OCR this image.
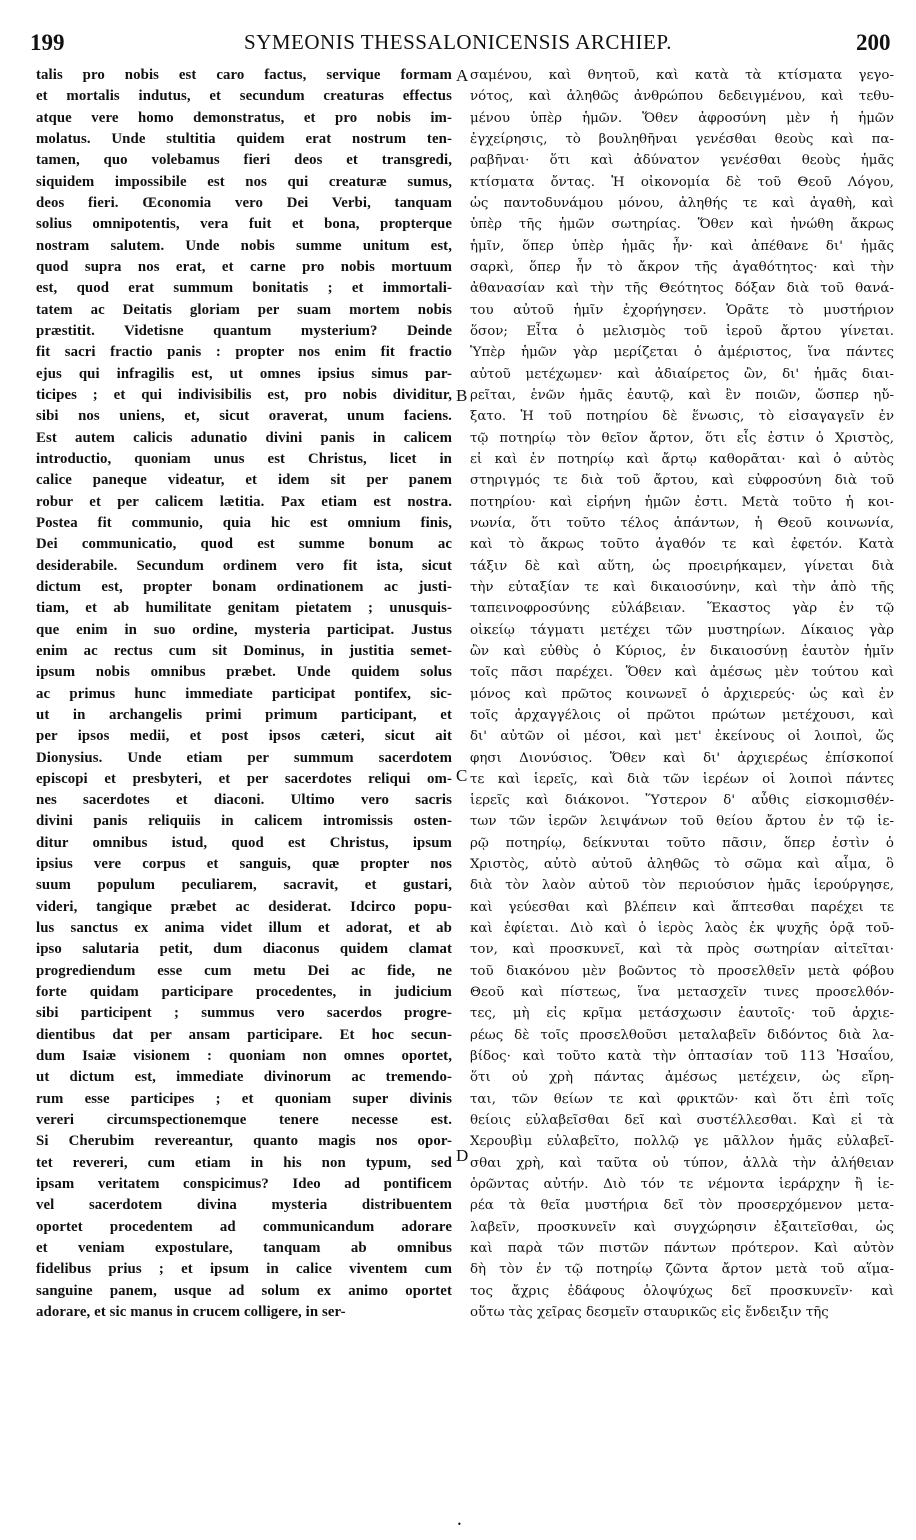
199	SYMEONIS THESSALONICENSIS ARCHIEP.	200
talis pro nobis est caro factus, servique formam
et mortalis indutus, et secundum creaturas effectus
atque vere homo demonstratus, et pro nobis im-
molatus. Unde stultitia quidem erat nostrum ten-
tamen, quo volebamus fieri deos et transgredi,
siquidem impossibile est nos qui creaturæ sumus,
deos fieri. Œconomia vero Dei Verbi, tanquam
solius omnipotentis, vera fuit et bona, propterque
nostram salutem. Unde nobis summe unitum est,
quod supra nos erat, et carne pro nobis mortuum
est, quod erat summum bonitatis ; et immortali-
tatem ac Deitatis gloriam per suam mortem nobis
præstitit. Videtisne quantum mysterium? Deinde
fit sacri fractio panis : propter nos enim fit fractio
ejus qui infragilis est, ut omnes ipsius simus par-
ticipes ; et qui indivisibilis est, pro nobis dividitur,
sibi nos uniens, et, sicut oraverat, unum faciens.
Est autem calicis adunatio divini panis in calicem
introductio, quoniam unus est Christus, licet in
calice paneque videatur, et idem sit per panem
robur et per calicem lætitia. Pax etiam est nostra.
Postea fit communio, quia hic est omnium finis,
Dei communicatio, quod est summe bonum ac
desiderabile. Secundum ordinem vero fit ista, sicut
dictum est, propter bonam ordinationem ac justi-
tiam, et ab humilitate genitam pietatem ; unusquis-
que enim in suo ordine, mysteria participat. Justus
enim ac rectus cum sit Dominus, in justitia semet-
ipsum nobis omnibus præbet. Unde quidem solus
ac primus hunc immediate participat pontifex, sic-
ut in archangelis primi primum participant, et
per ipsos medii, et post ipsos cæteri, sicut ait
Dionysius. Unde etiam per summum sacerdotem
episcopi et presbyteri, et per sacerdotes reliqui om-
nes sacerdotes et diaconi. Ultimo vero sacris
divini panis reliquiis in calicem intromissis osten-
ditur omnibus istud, quod est Christus, ipsum
ipsius vere corpus et sanguis, quæ propter nos
suum populum peculiarem, sacravit, et gustari,
videri, tangique præbet ac desiderat. Idcirco popu-
lus sanctus ex anima videt illum et adorat, et ab
ipso salutaria petit, dum diaconus quidem clamat
progrediendum esse cum metu Dei ac fide, ne
forte quidam participare procedentes, in judicium
sibi participent ; summus vero sacerdos progre-
dientibus dat per ansam participare. Et hoc secun-
dum Isaiæ visionem : quoniam non omnes oportet,
ut dictum est, immediate divinorum ac tremendo-
rum esse participes ; et quoniam super divinis
vereri circumspectionemque tenere necesse est.
Si Cherubim revereantur, quanto magis nos opor-
tet revereri, cum etiam in his non typum, sed
ipsam veritatem conspicimus? Ideo ad pontificem
vel sacerdotem divina mysteria distribuentem
oportet procedentem ad communicandum adorare
et veniam expostulare, tanquam ab omnibus
fidelibus prius ; et ipsum in calice viventem cum
sanguine panem, usque ad solum ex animo oportet
adorare, et sic manus in crucem colligere, in ser-
σαμένου, καὶ θνητοῦ, καὶ κατὰ τὰ κτίσματα γεγο-
νότος, καὶ ἀληθῶς ἀνθρώπου δεδειγμένου, καὶ τεθυ-
μένου ὑπὲρ ἡμῶν. Ὅθεν ἀφροσύνη μὲν ἡ ἡμῶν
ἐγχείρησις, τὸ βουληθῆναι γενέσθαι θεοὺς καὶ πα-
ραβῆναι· ὅτι καὶ ἀδύνατον γενέσθαι θεοὺς ἡμᾶς
κτίσματα ὄντας. Ἡ οἰκονομία δὲ τοῦ Θεοῦ Λόγου,
ὡς παντοδυνάμου μόνου, ἀληθής τε καὶ ἀγαθὴ, καὶ
ὑπὲρ τῆς ἡμῶν σωτηρίας. Ὅθεν καὶ ἡνώθη ἄκρως
ἡμῖν, ὅπερ ὑπὲρ ἡμᾶς ἦν· καὶ ἀπέθανε δι' ἡμᾶς
σαρκὶ, ὅπερ ἦν τὸ ἄκρον τῆς ἀγαθότητος· καὶ τὴν
ἀθανασίαν καὶ τὴν τῆς Θεότητος δόξαν διὰ τοῦ θανά-
του αὐτοῦ ἡμῖν ἐχορήγησεν. Ὁρᾶτε τὸ μυστήριον
ὅσον; Εἶτα ὁ μελισμὸς τοῦ ἱεροῦ ἄρτου γίνεται.
Ὑπὲρ ἡμῶν γὰρ μερίζεται ὁ ἀμέριστος, ἵνα πάντες
αὐτοῦ μετέχωμεν· καὶ ἀδιαίρετος ὢν, δι' ἡμᾶς διαι-
ρεῖται, ἑνῶν ἡμᾶς ἑαυτῷ, καὶ ἓν ποιῶν, ὥσπερ ηὔ-
ξατο. Ἡ τοῦ ποτηρίου δὲ ἕνωσις, τὸ εἰσαγαγεῖν ἐν
τῷ ποτηρίῳ τὸν θεῖον ἄρτον, ὅτι εἷς ἐστιν ὁ Χριστὸς,
εἰ καὶ ἐν ποτηρίῳ καὶ ἄρτῳ καθορᾶται· καὶ ὁ αὐτὸς
στηριγμός τε διὰ τοῦ ἄρτου, καὶ εὐφροσύνη διὰ τοῦ
ποτηρίου· καὶ εἰρήνη ἡμῶν ἐστι. Μετὰ τοῦτο ἡ κοι-
νωνία, ὅτι τοῦτο τέλος ἁπάντων, ἡ Θεοῦ κοινωνία,
καὶ τὸ ἄκρως τοῦτο ἀγαθόν τε καὶ ἐφετόν. Κατὰ
τάξιν δὲ καὶ αὕτη, ὡς προειρήκαμεν, γίνεται διὰ
τὴν εὐταξίαν τε καὶ δικαιοσύνην, καὶ τὴν ἀπὸ τῆς
ταπεινοφροσύνης εὐλάβειαν. Ἕκαστος γὰρ ἐν τῷ
οἰκείῳ τάγματι μετέχει τῶν μυστηρίων. Δίκαιος γὰρ
ὢν καὶ εὐθὺς ὁ Κύριος, ἐν δικαιοσύνῃ ἑαυτὸν ἡμῖν
τοῖς πᾶσι παρέχει. Ὅθεν καὶ ἀμέσως μὲν τούτου καὶ
μόνος καὶ πρῶτος κοινωνεῖ ὁ ἀρχιερεύς· ὡς καὶ ἐν
τοῖς ἀρχαγγέλοις οἱ πρῶτοι πρώτων μετέχουσι, καὶ
δι' αὐτῶν οἱ μέσοι, καὶ μετ' ἐκείνους οἱ λοιποὶ, ὥς
φησι Διονύσιος. Ὅθεν καὶ δι' ἀρχιερέως ἐπίσκοποί
τε καὶ ἱερεῖς, καὶ διὰ τῶν ἱερέων οἱ λοιποὶ πάντες
ἱερεῖς καὶ διάκονοι. Ὕστερον δ' αὖθις εἰσκομισθέν-
των τῶν ἱερῶν λειψάνων τοῦ θείου ἄρτου ἐν τῷ ἱε-
ρῷ ποτηρίῳ, δείκνυται τοῦτο πᾶσιν, ὅπερ ἐστὶν ὁ
Χριστὸς, αὐτὸ αὐτοῦ ἀληθῶς τὸ σῶμα καὶ αἷμα, ὃ
διὰ τὸν λαὸν αὐτοῦ τὸν περιούσιον ἡμᾶς ἱερούργησε,
καὶ γεύεσθαι καὶ βλέπειν καὶ ἅπτεσθαι παρέχει τε
καὶ ἐφίεται. Διὸ καὶ ὁ ἱερὸς λαὸς ἐκ ψυχῆς ὁρᾷ τοῦ-
τον, καὶ προσκυνεῖ, καὶ τὰ πρὸς σωτηρίαν αἰτεῖται·
τοῦ διακόνου μὲν βοῶντος τὸ προσελθεῖν μετὰ φόβου
Θεοῦ καὶ πίστεως, ἵνα μετασχεῖν τινες προσελθόν-
τες, μὴ εἰς κρῖμα μετάσχωσιν ἑαυτοῖς· τοῦ ἀρχιε-
ρέως δὲ τοῖς προσελθοῦσι μεταλαβεῖν διδόντος διὰ λα-
βίδος· καὶ τοῦτο κατὰ τὴν ὀπτασίαν τοῦ 113 Ἡσαΐου,
ὅτι οὐ χρὴ πάντας ἀμέσως μετέχειν, ὡς εἴρη-
ται, τῶν θείων τε καὶ φρικτῶν· καὶ ὅτι ἐπὶ τοῖς
θείοις εὐλαβεῖσθαι δεῖ καὶ συστέλλεσθαι. Καὶ εἰ τὰ
Χερουβὶμ εὐλαβεῖτο, πολλῷ γε μᾶλλον ἡμᾶς εὐλαβεῖ-
σθαι χρὴ, καὶ ταῦτα οὐ τύπον, ἀλλὰ τὴν ἀλήθειαν
ὁρῶντας αὐτήν. Διὸ τόν τε νέμοντα ἱεράρχην ἢ ἱε-
ρέα τὰ θεῖα μυστήρια δεῖ τὸν προσερχόμενον μετα-
λαβεῖν, προσκυνεῖν καὶ συγχώρησιν ἐξαιτεῖσθαι, ὡς
καὶ παρὰ τῶν πιστῶν πάντων πρότερον. Καὶ αὐτὸν
δὴ τὸν ἐν τῷ ποτηρίῳ ζῶντα ἄρτον μετὰ τοῦ αἵμα-
τος ἄχρις ἐδάφους ὁλοψύχως δεῖ προσκυνεῖν· καὶ
οὕτω τὰς χεῖρας δεσμεῖν σταυρικῶς εἰς ἔνδειξιν τῆς
A
B
C
D
•
